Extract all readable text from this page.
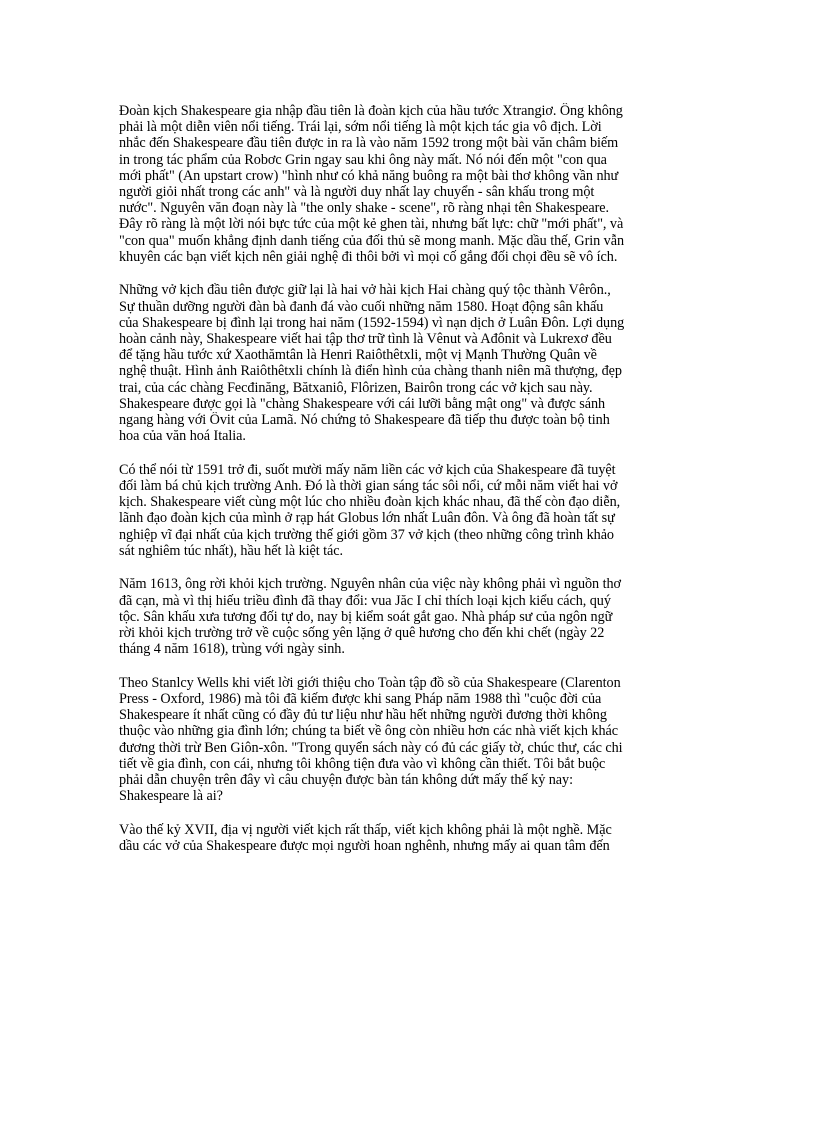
Đoàn kịch Shakespeare gia nhập đầu tiên là đoàn kịch của hầu tước Xtrangiơ. Ông không
phải là một diễn viên nổi tiếng. Trái lại, sớm nổi tiếng là một kịch tác gia vô địch. Lời
nhắc đến Shakespeare đầu tiên được in ra là vào năm 1592 trong một bài văn châm biếm
in trong tác phẩm của Robơc Grin ngay sau khi ông này mất. Nó nói đến một "con qua
mới phất" (An upstart crow) "hình như có khả năng buông ra một bài thơ không vần như
người giỏi nhất trong các anh" và là người duy nhất lay chuyển - sân khấu trong một
nước". Nguyên văn đoạn này là "the only shake - scene", rõ ràng nhại tên Shakespeare.
Đây rõ ràng là một lời nói bực tức của một kẻ ghen tài, nhưng bất lực: chữ "mới phất", và
"con qua" muốn khẳng định danh tiếng của đối thủ sẽ mong manh. Mặc dầu thế, Grin vẫn
khuyên các bạn viết kịch nên giải nghệ đi thôi bởi vì mọi cố gắng đối chọi đều sẽ vô ích.
Những vở kịch đầu tiên được giữ lại là hai vở hài kịch Hai chàng quý tộc thành Vêrôn.,
Sự thuần dưỡng người đàn bà đanh đá vào cuối những năm 1580. Hoạt động sân khấu
của Shakespeare bị đình lại trong hai năm (1592-1594) vì nạn dịch ở Luân Đôn. Lợi dụng
hoàn cảnh này, Shakespeare viết hai tập thơ trữ tình là Vênut và Ađônit và Lukrexơ đều
để tặng hầu tước xứ Xaothămtân là Henri Raiôthêtxli, một vị Mạnh Thường Quân về
nghệ thuật. Hình ảnh Raiôthêtxli chính là điển hình của chàng thanh niên mã thượng, đẹp
trai, của các chàng Fecđinăng, Bătxaniô, Flôrizen, Bairôn trong các vở kịch sau này.
Shakespeare được gọi là "chàng Shakespeare với cái lưỡi bằng mật ong" và được sánh
ngang hàng với Ôvit của Lamã. Nó chứng tỏ Shakespeare đã tiếp thu được toàn bộ tinh
hoa của văn hoá Italia.
Có thể nói từ 1591 trở đi, suốt mười mấy năm liền các vở kịch của Shakespeare đã tuyệt
đối làm bá chủ kịch trường Anh. Đó là thời gian sáng tác sôi nổi, cứ mỗi năm viết hai vở
kịch. Shakespeare viết cùng một lúc cho nhiều đoàn kịch khác nhau, đã thế còn đạo diễn,
lãnh đạo đoàn kịch của mình ở rạp hát Globus lớn nhất Luân đôn. Và ông đã hoàn tất sự
nghiệp vĩ đại nhất của kịch trường thế giới gồm 37 vở kịch (theo những công trình khảo
sát nghiêm túc nhất), hầu hết là kiệt tác.
Năm 1613, ông rời khỏi kịch trường. Nguyên nhân của việc này không phải vì nguồn thơ
đã cạn, mà vì thị hiếu triều đình đã thay đổi: vua Jăc I chỉ thích loại kịch kiểu cách, quý
tộc. Sân khấu xưa tương đối tự do, nay bị kiểm soát gắt gao. Nhà pháp sư của ngôn ngữ
rời khỏi kịch trường trở về cuộc sống yên lặng ở quê hương cho đến khi chết (ngày 22
tháng 4 năm 1618), trùng với ngày sinh.
Theo Stanlcy Wells khi viết lời giới thiệu cho Toàn tập đồ sồ của Shakespeare (Clarenton
Press - Oxford, 1986) mà tôi đã kiếm được khi sang Pháp năm 1988 thì "cuộc đời của
Shakespeare ít nhất cũng có đầy đủ tư liệu như hầu hết những người đương thời không
thuộc vào những gia đình lớn; chúng ta biết về ông còn nhiều hơn các nhà viết kịch khác
đương thời trừ Ben Giôn-xôn. "Trong quyển sách này có đủ các giấy tờ, chúc thư, các chi
tiết về gia đình, con cái, nhưng tôi không tiện đưa vào vì không cần thiết. Tôi bắt buộc
phải dẫn chuyện trên đây vì câu chuyện được bàn tán không dứt mấy thế kỷ nay:
Shakespeare là ai?
Vào thế kỷ XVII, địa vị người viết kịch rất thấp, viết kịch không phải là một nghề. Mặc
dầu các vở của Shakespeare được mọi người hoan nghênh, nhưng mấy ai quan tâm đến
